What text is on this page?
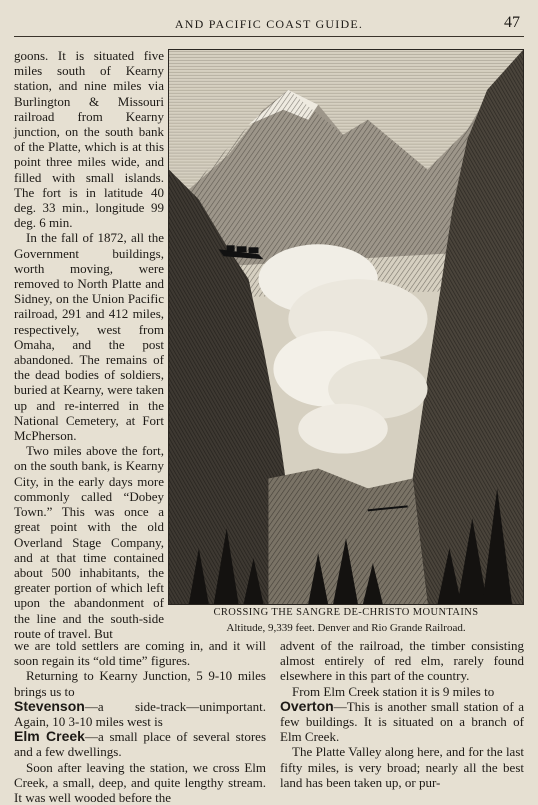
AND PACIFIC COAST GUIDE.	47

goons. It is situated five miles south of Kearny station, and nine miles via Burlington & Missouri railroad from Kearny junction, on the south bank of the Platte, which is at this point three miles wide, and filled with small islands. The fort is in latitude 40 deg. 33 min., longitude 99 deg. 6 min.

In the fall of 1872, all the Government buildings, worth moving, were removed to North Platte and Sidney, on the Union Pacific railroad, 291 and 412 miles, respectively, west from Omaha, and the post abandoned. The remains of the dead bodies of soldiers, buried at Kearny, were taken up and re-interred in the National Cemetery, at Fort McPherson.

Two miles above the fort, on the south bank, is Kearny City, in the early days more commonly called “Dobey Town.” This was once a great point with the old Overland Stage Company, and at that time contained about 500 inhabitants, the greater portion of which left upon the abandonment of the line and the south-side route of travel. But

CROSSING THE SANGRE DE-CHRISTO MOUNTAINS
Altitude, 9,339 feet. Denver and Rio Grande Railroad.

we are told settlers are coming in, and it will soon regain its “old time” figures.

Returning to Kearny Junction, 5 9-10 miles brings us to

Stevenson—a side-track—unimportant. Again, 10 3-10 miles west is

Elm Creek—a small place of several stores and a few dwellings.

Soon after leaving the station, we cross Elm Creek, a small, deep, and quite lengthy stream. It was well wooded before the

advent of the railroad, the timber consisting almost entirely of red elm, rarely found elsewhere in this part of the country.

From Elm Creek station it is 9 miles to

Overton—This is another small station of a few buildings. It is situated on a branch of Elm Creek.

The Platte Valley along here, and for the last fifty miles, is very broad; nearly all the best land has been taken up, or pur-
